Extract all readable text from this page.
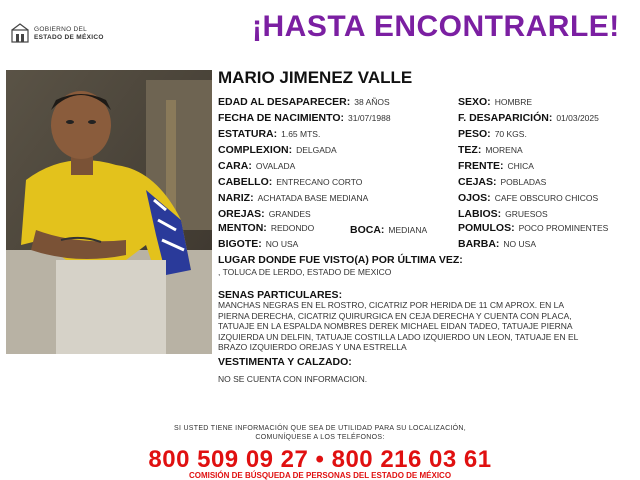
GOBIERNO DEL
ESTADO DE MÉXICO	¡HASTA ENCONTRARLE!
MARIO JIMENEZ VALLE
EDAD AL DESAPARECER: 38 AÑOS
FECHA DE NACIMIENTO: 31/07/1988
ESTATURA: 1.65 MTS.
COMPLEXION: DELGADA
CARA: OVALADA
CABELLO: ENTRECANO CORTO
NARIZ: ACHATADA BASE MEDIANA
OREJAS: GRANDES
MENTON: REDONDO	BOCA: MEDIANA
BIGOTE: NO USA
SEXO: HOMBRE
F. DESAPARICIÓN: 01/03/2025
PESO: 70 KGS.
TEZ: MORENA
FRENTE: CHICA
CEJAS: POBLADAS
OJOS: CAFE OBSCURO CHICOS
LABIOS: GRUESOS
POMULOS: POCO PROMINENTES
BARBA: NO USA
LUGAR DONDE FUE VISTO(A) POR ÚLTIMA VEZ:
, TOLUCA DE LERDO, ESTADO DE MEXICO
SENAS PARTICULARES:
MANCHAS NEGRAS EN EL ROSTRO, CICATRIZ POR HERIDA DE 11 CM APROX. EN LA
PIERNA DERECHA, CICATRIZ QUIRURGICA EN CEJA DERECHA Y CUENTA CON PLACA,
TATUAJE EN LA ESPALDA NOMBRES DEREK MICHAEL EIDAN TADEO, TATUAJE PIERNA
IZQUIERDA UN DELFIN, TATUAJE COSTILLA LADO IZQUIERDO UN LEON, TATUAJE EN EL
BRAZO IZQUIERDO OREJAS Y UNA ESTRELLA
VESTIMENTA Y CALZADO:
NO SE CUENTA CON INFORMACION.
SI USTED TIENE INFORMACIÓN QUE SEA DE UTILIDAD PARA SU LOCALIZACIÓN,
COMUNÍQUESE A LOS TELÉFONOS:
800 509 09 27 • 800 216 03 61
COMISIÓN DE BÚSQUEDA DE PERSONAS DEL ESTADO DE MÉXICO
